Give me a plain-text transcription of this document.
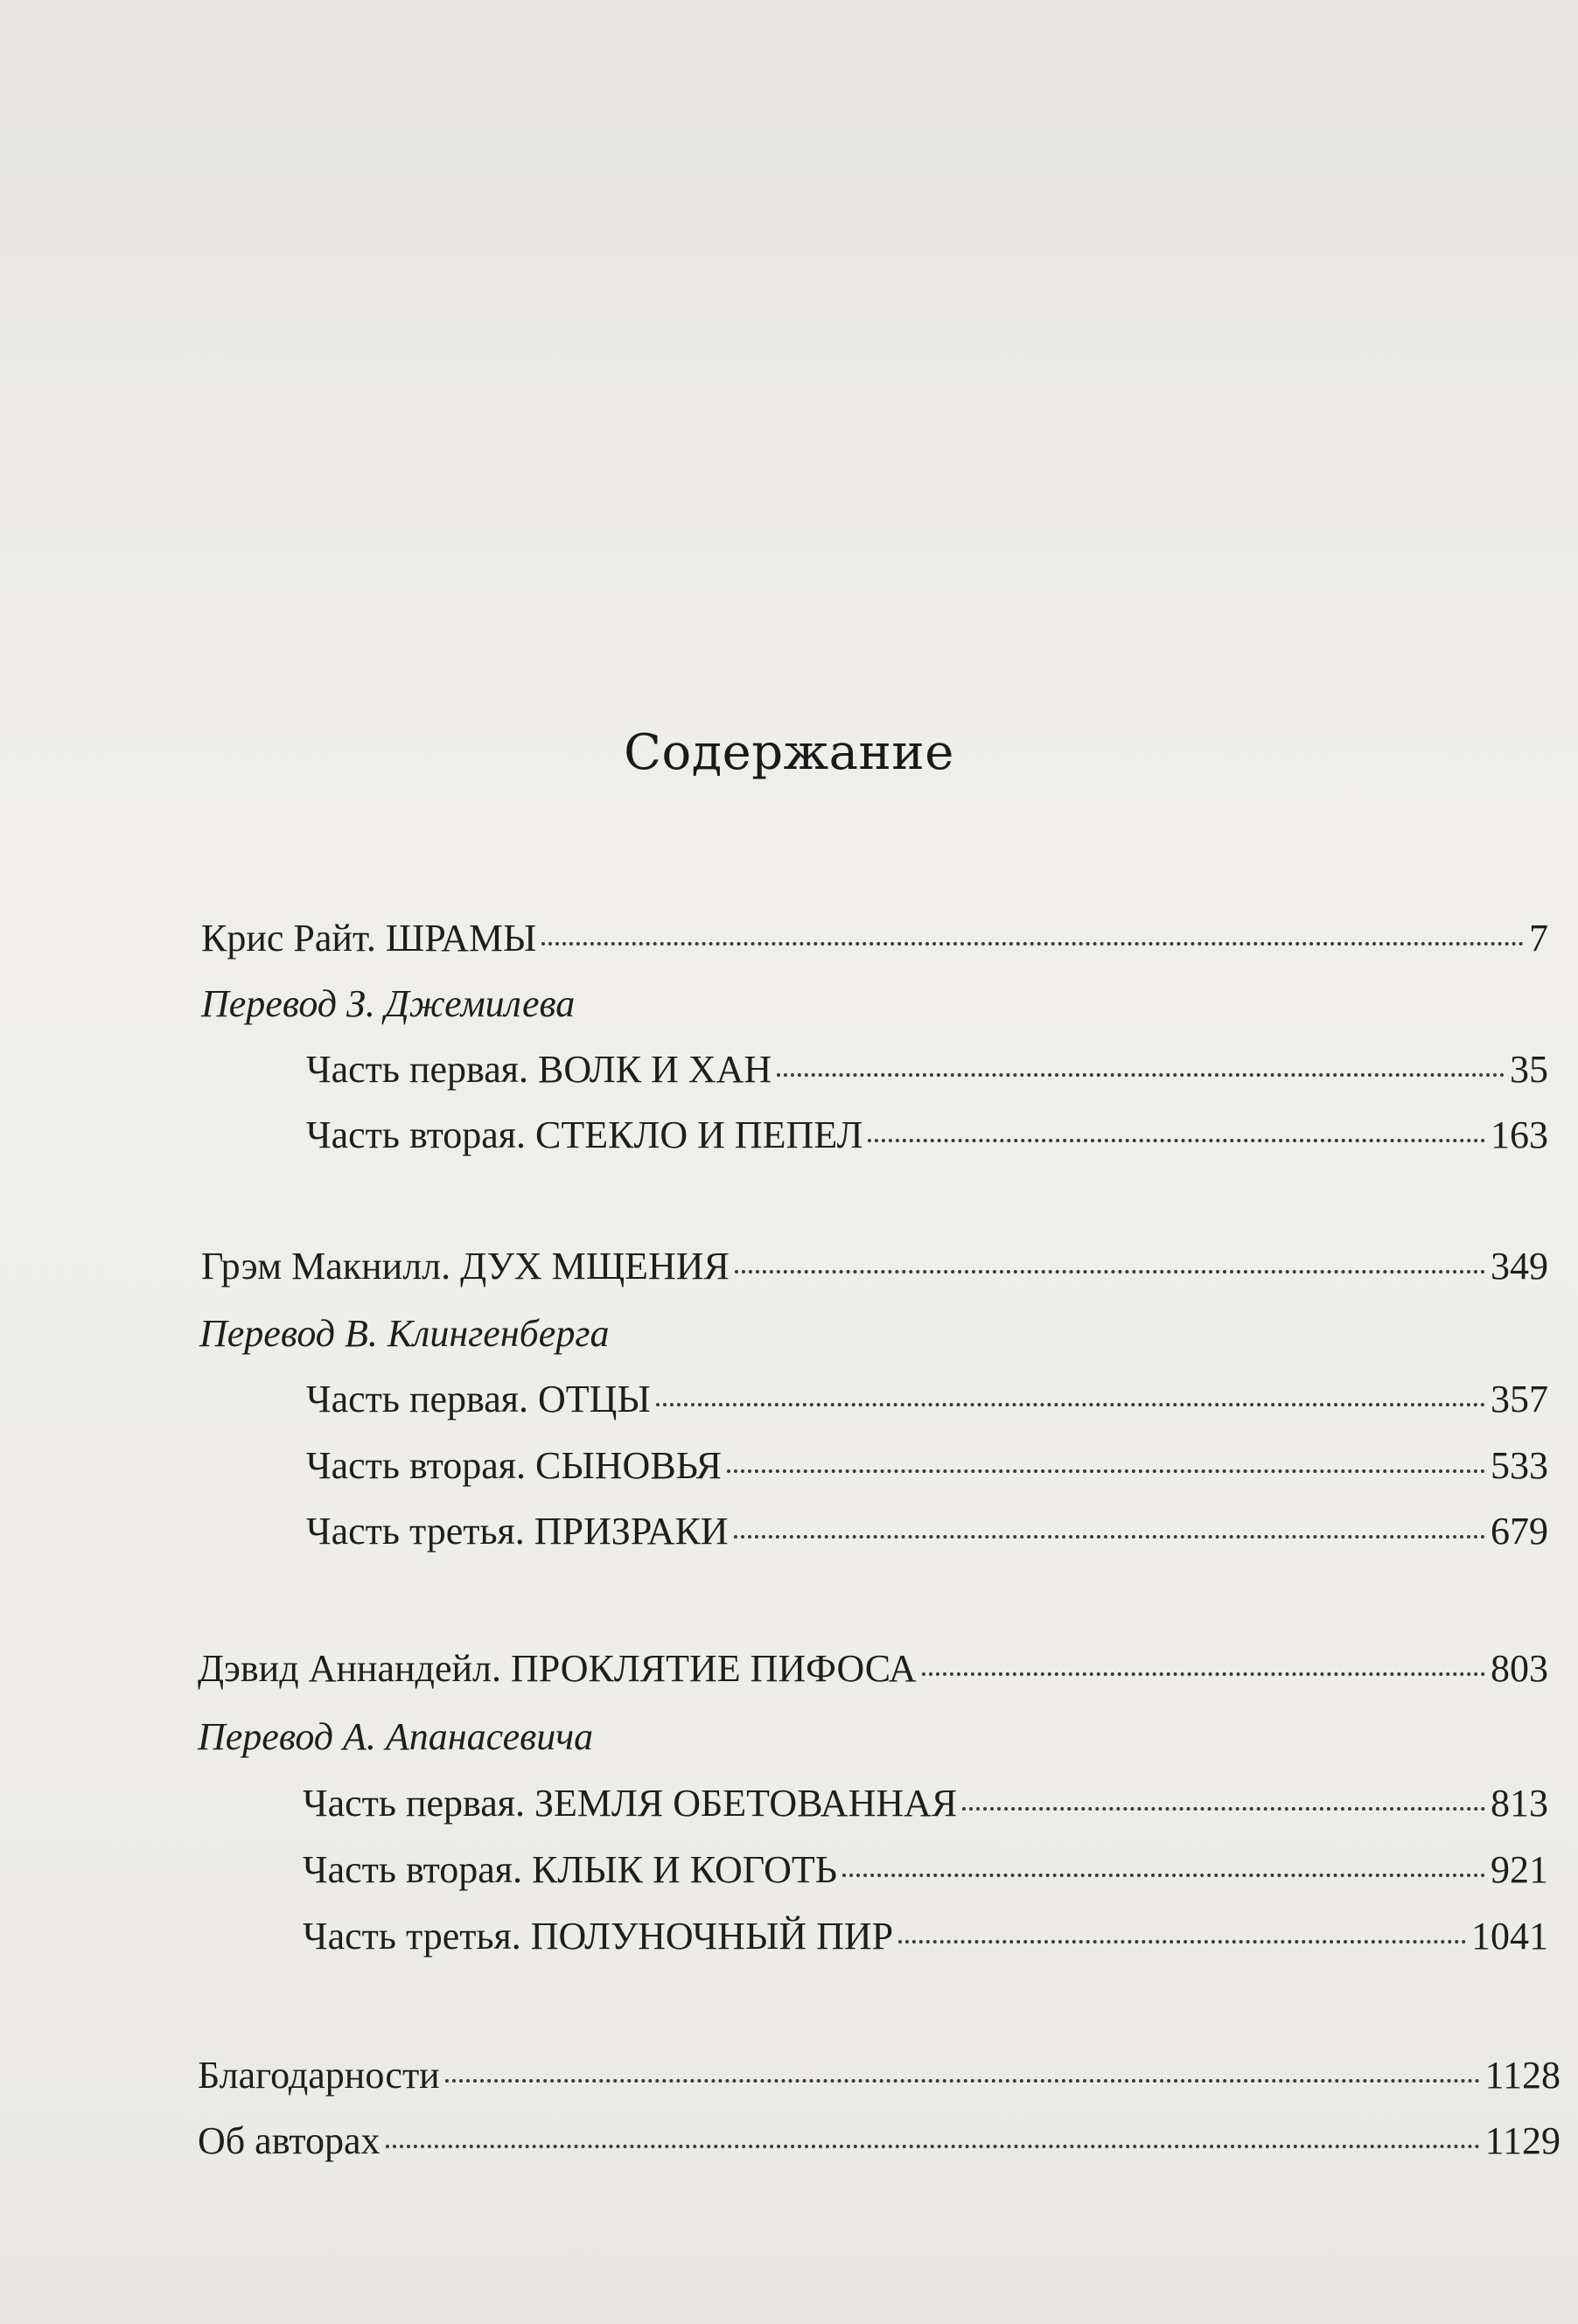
Содержание
Крис Райт. ШРАМЫ	7
Перевод З. Джемилева
Часть первая. ВОЛК И ХАН	35
Часть вторая. СТЕКЛО И ПЕПЕЛ	163
Грэм Макнилл. ДУХ МЩЕНИЯ	349
Перевод В. Клингенберга
Часть первая. ОТЦЫ	357
Часть вторая. СЫНОВЬЯ	533
Часть третья. ПРИЗРАКИ	679
Дэвид Аннандейл. ПРОКЛЯТИЕ ПИФОСА	803
Перевод А. Апанасевича
Часть первая. ЗЕМЛЯ ОБЕТОВАННАЯ	813
Часть вторая. КЛЫК И КОГОТЬ	921
Часть третья. ПОЛУНОЧНЫЙ ПИР	1041
Благодарности	1128
Об авторах	1129
